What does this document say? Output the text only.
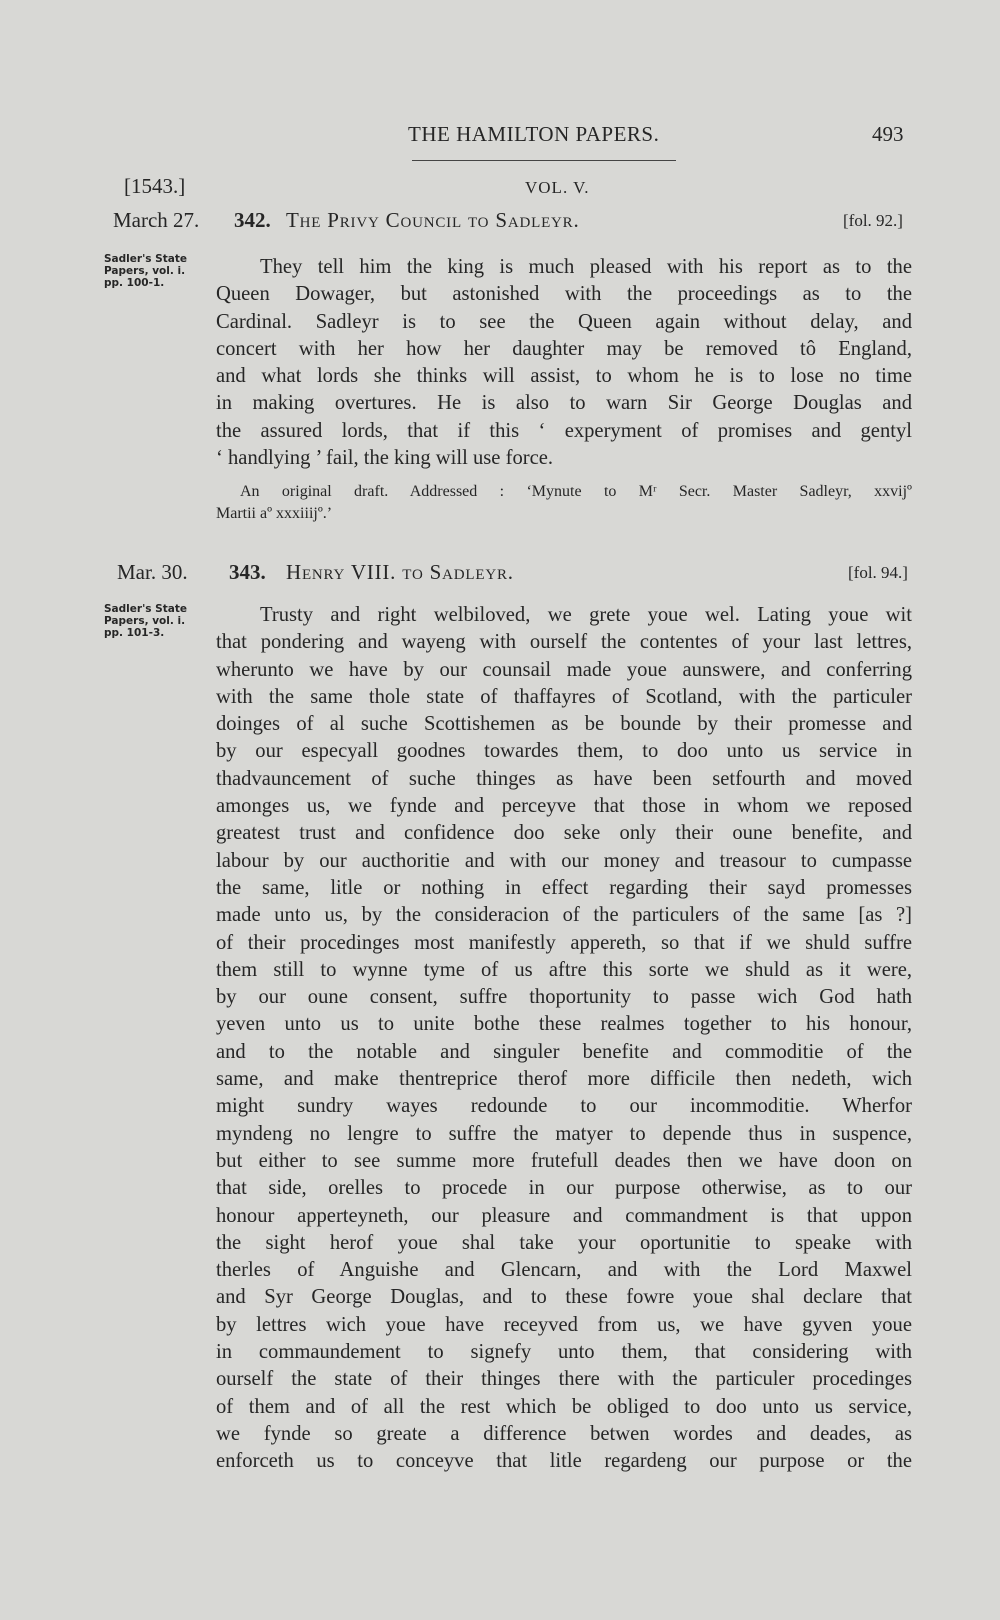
THE HAMILTON PAPERS.	493
[1543.]	VOL. V.
March 27. 342. The Privy Council to Sadleyr.	[fol. 92.]
Sadler's State
Papers, vol. i.
pp. 100-1.

They tell him the king is much pleased with his report as to the
Queen Dowager, but astonished with the proceedings as to the
Cardinal. Sadleyr is to see the Queen again without delay, and
concert with her how her daughter may be removed tô England,
and what lords she thinks will assist, to whom he is to lose no time
in making overtures. He is also to warn Sir George Douglas and
the assured lords, that if this ‘ experyment of promises and gentyl
‘ handlying ’ fail, the king will use force.

An original draft. Addressed : ‘Mynute to Mʳ Secr. Master Sadleyr, xxvijº
Martii aº xxxiiijº.’

Mar. 30. 343. Henry VIII. to Sadleyr.	[fol. 94.]
Sadler's State
Papers, vol. i.
pp. 101-3.

Trusty and right welbiloved, we grete youe wel. Lating youe wit
that pondering and wayeng with ourself the contentes of your last lettres,
wherunto we have by our counsail made youe aunswere, and conferring
with the same thole state of thaffayres of Scotland, with the particuler
doinges of al suche Scottishemen as be bounde by their promesse and
by our especyall goodnes towardes them, to doo unto us service in
thadvauncement of suche thinges as have been setfourth and moved
amonges us, we fynde and perceyve that those in whom we reposed
greatest trust and confidence doo seke only their oune benefite, and
labour by our aucthoritie and with our money and treasour to cumpasse
the same, litle or nothing in effect regarding their sayd promesses
made unto us, by the consideracion of the particulers of the same [as ?]
of their procedinges most manifestly appereth, so that if we shuld suffre
them still to wynne tyme of us aftre this sorte we shuld as it were,
by our oune consent, suffre thoportunity to passe wich God hath
yeven unto us to unite bothe these realmes together to his honour,
and to the notable and singuler benefite and commoditie of the
same, and make thentreprice therof more difficile then nedeth, wich
might sundry wayes redounde to our incommoditie. Wherfor
myndeng no lengre to suffre the matyer to depende thus in suspence,
but either to see summe more frutefull deades then we have doon on
that side, orelles to procede in our purpose otherwise, as to our
honour apperteyneth, our pleasure and commandment is that uppon
the sight herof youe shal take your oportunitie to speake with
therles of Anguishe and Glencarn, and with the Lord Maxwel
and Syr George Douglas, and to these fowre youe shal declare that
by lettres wich youe have receyved from us, we have gyven youe
in commaundement to signefy unto them, that considering with
ourself the state of their thinges there with the particuler procedinges
of them and of all the rest which be obliged to doo unto us service,
we fynde so greate a difference betwen wordes and deades, as
enforceth us to conceyve that litle regardeng our purpose or the
